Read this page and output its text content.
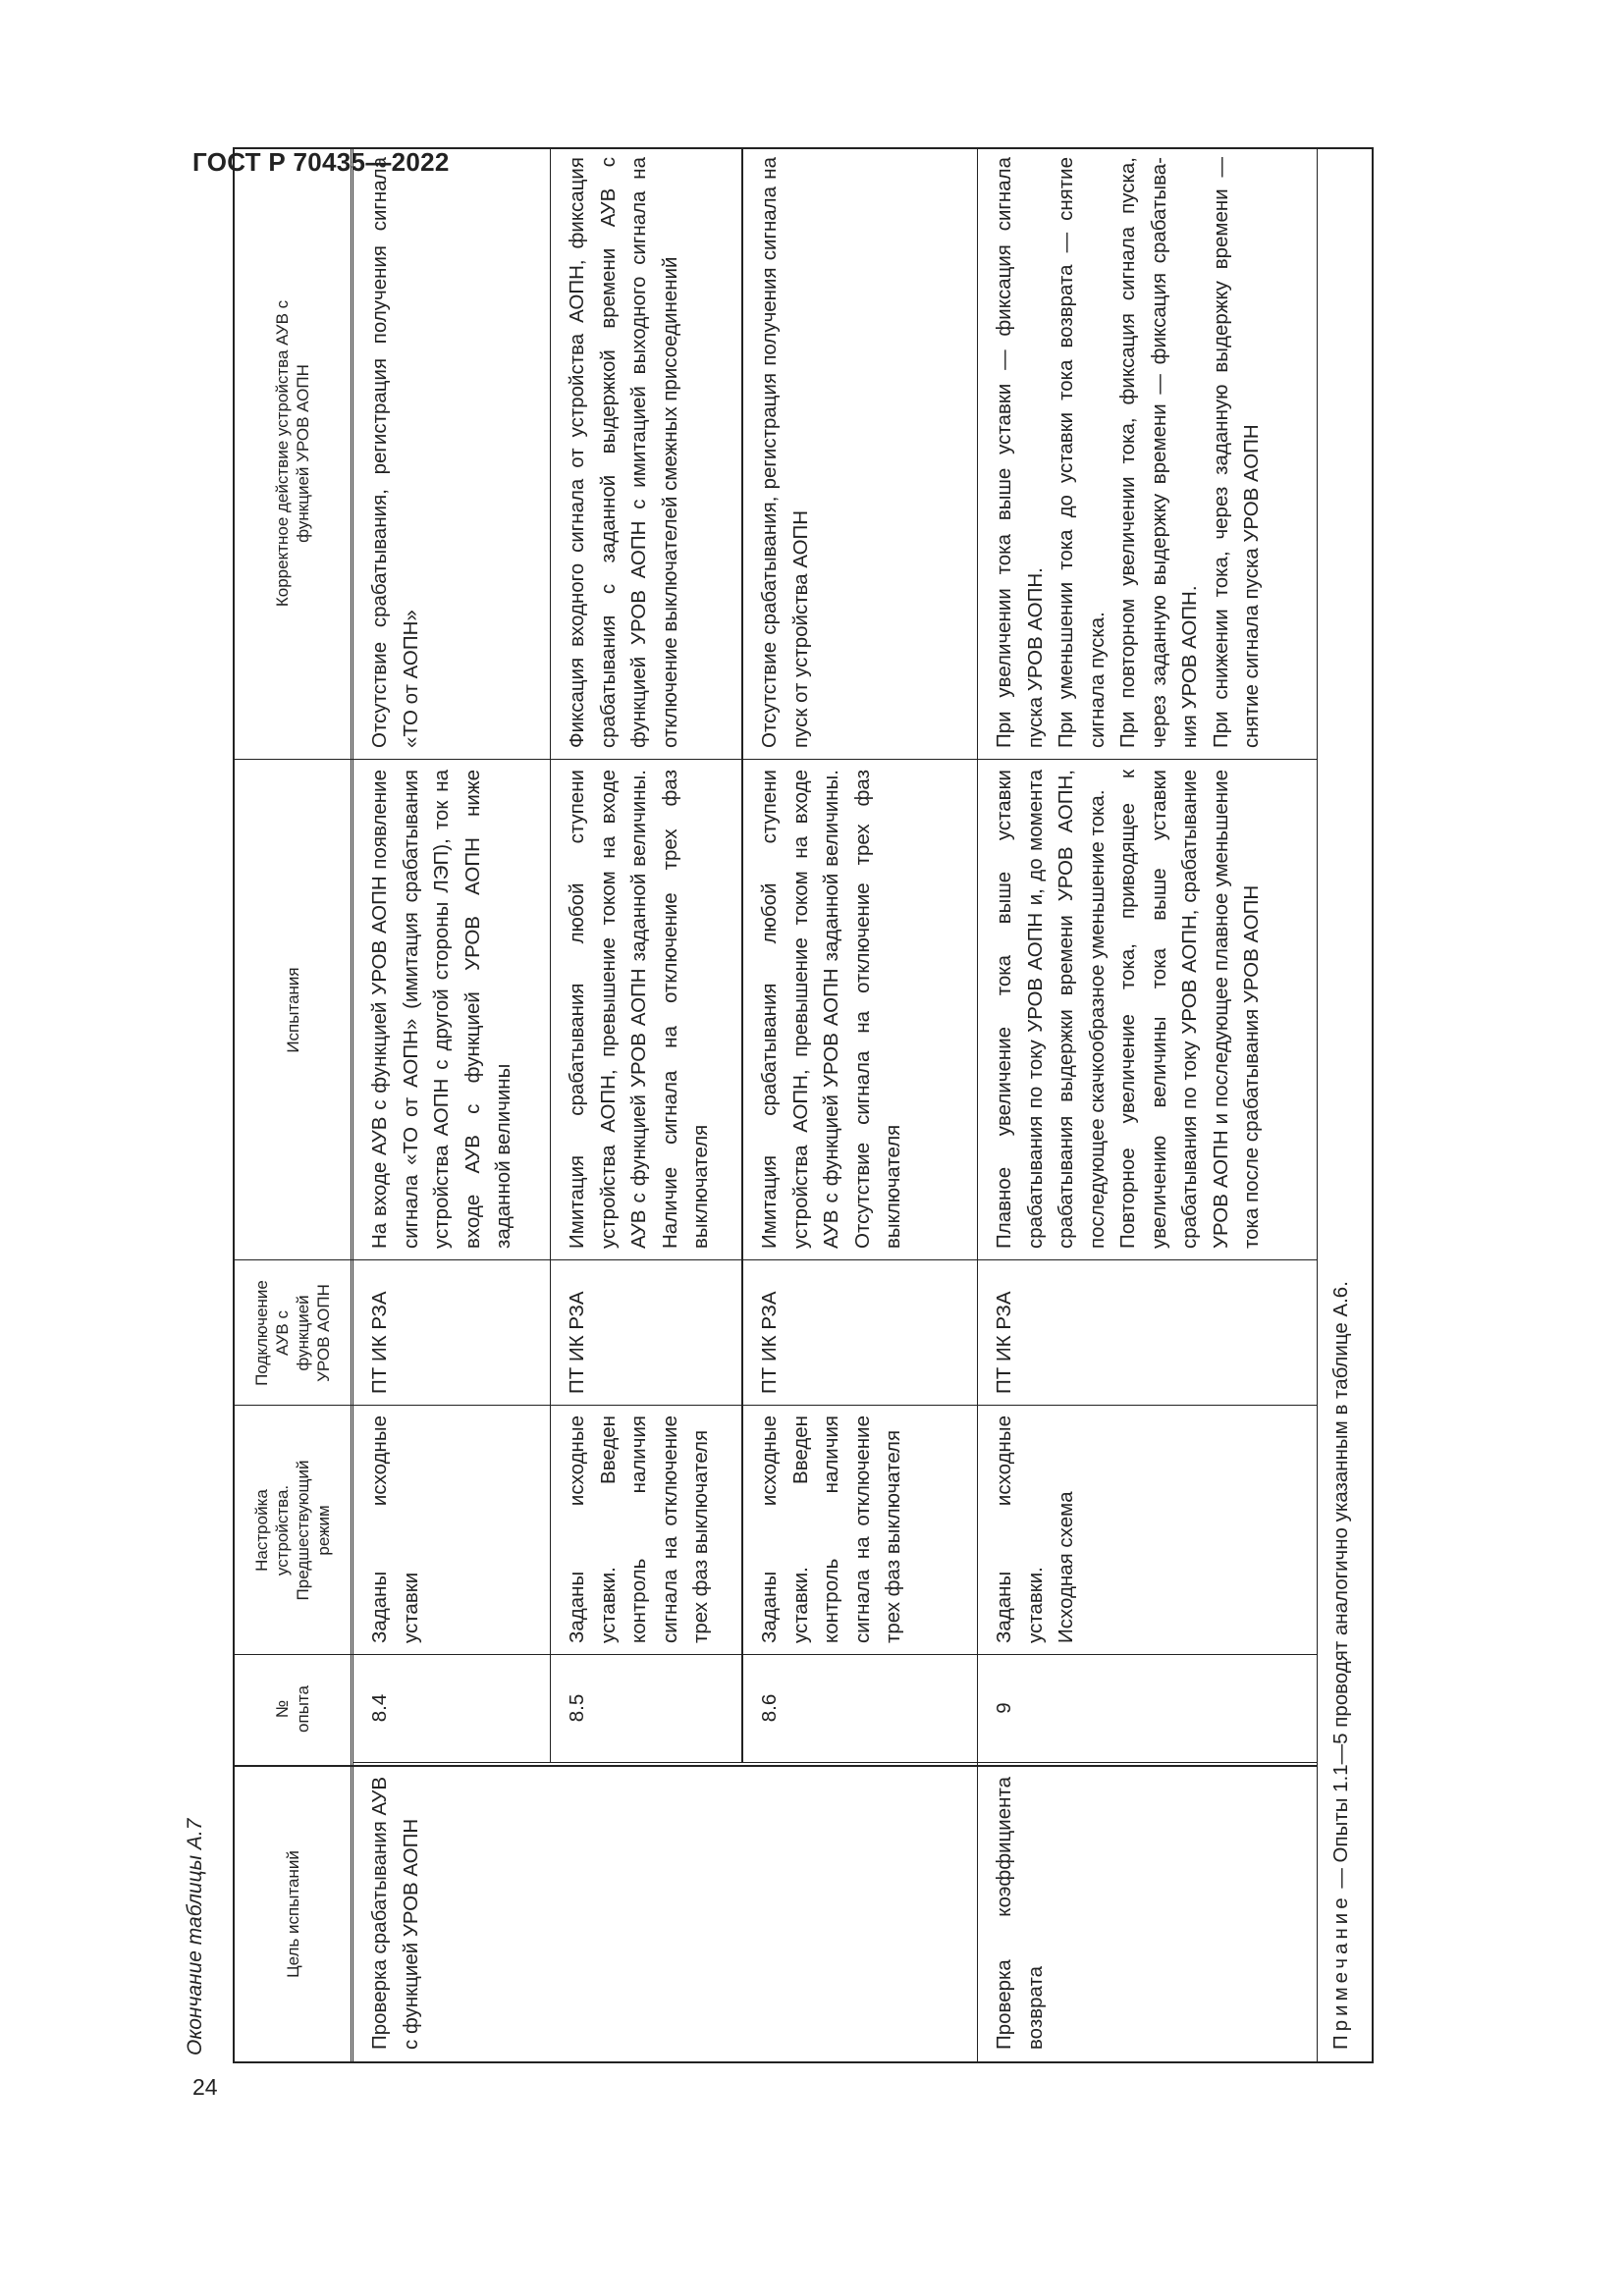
ГОСТ Р 70435—2022
Окончание таблицы А.7	Цель испытаний
№ опыта
Настройка устройства. Предшествующий режим
Подключение АУВ с функцией УРОВ АОПН
Испытания
Корректное действие устройства АУВ с функцией УРОВ АОПН
Проверка срабатывания АУВ с функцией УРОВ АОПН	Проверка коэффициента возврата
8.4
Заданы исходные уставки
ПТ ИК РЗА
На входе АУВ с функцией УРОВ АОПН появление сигнала «ТО от АОПН» (имитация срабатывания устройства АОПН с другой стороны ЛЭП), ток на входе АУВ с функцией УРОВ АОПН ниже заданной величины
Отсутствие срабатывания, регистрация получения сигнала «ТО от АОПН»
8.5
Заданы исходные уставки. Введен контроль наличия сигнала на отключение трех фаз выключателя
ПТ ИК РЗА
Имитация срабатывания любой ступени устройства АОПН, превышение током на входе АУВ с функцией УРОВ АОПН заданной величины. Наличие сигнала на отключение трех фаз выключателя
Фиксация входного сигнала от устройства АОПН, фиксация срабатывания с заданной выдержкой времени АУВ с функцией УРОВ АОПН с имитацией выходного сигнала на отключение выключателей смежных присоединений
8.6
Заданы исходные уставки. Введен контроль наличия сигнала на отключение трех фаз выключателя
ПТ ИК РЗА
Имитация срабатывания любой ступени устройства АОПН, превышение током на входе АУВ с функцией УРОВ АОПН заданной величины. Отсутствие сигнала на отключение трех фаз выключателя
Отсутствие срабатывания, регистрация получения сигнала на пуск от устройства АОПН
9
Заданы исходные уставки. Исходная схема
ПТ ИК РЗА
Плавное увеличение тока выше уставки срабатывания по току УРОВ АОПН и, до момента срабатывания выдержки времени УРОВ АОПН, последующее скачкообразное уменьшение тока. Повторное увеличение тока, приводящее к увеличению величины тока выше уставки срабатывания по току УРОВ АОПН, срабатывание УРОВ АОПН и последующее плавное уменьшение тока после срабатывания УРОВ АОПН
При увеличении тока выше уставки — фиксация сигнала пуска УРОВ АОПН. При уменьшении тока до уставки тока возврата — снятие сигнала пуска. При повторном увеличении тока, фиксация сигнала пуска, через заданную выдержку времени — фиксация срабатывания УРОВ АОПН. При снижении тока, через заданную выдержку времени — снятие сигнала пуска УРОВ АОПН
Примечание — Опыты 1.1—5 проводят аналогично указанным в таблице А.6.
24
